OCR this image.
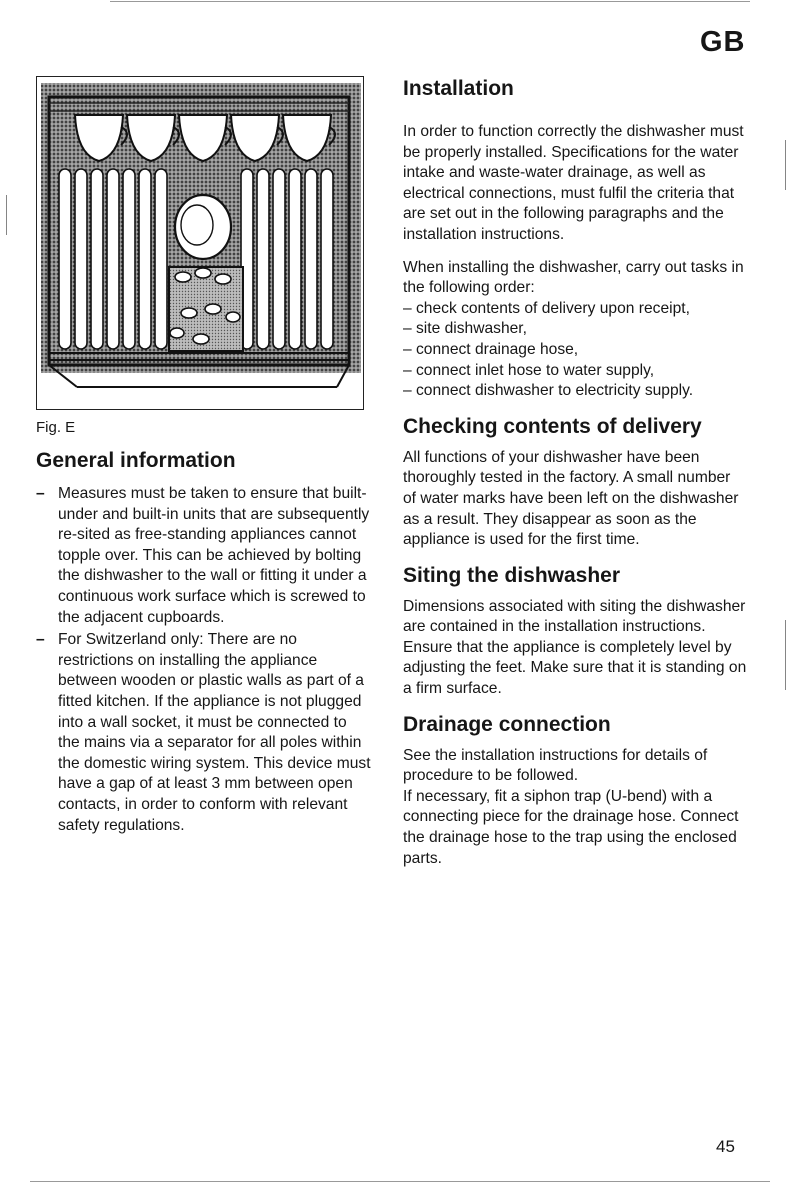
GB
Fig. E
General information
– Measures must be taken to ensure that built-under and built-in units that are subsequently re-sited as free-standing appliances cannot topple over. This can be achieved by bolting the dishwasher to the wall or fitting it under a continuous work surface which is screwed to the adjacent cupboards.
– For Switzerland only: There are no restrictions on installing the appliance between wooden or plastic walls as part of a fitted kitchen. If the appliance is not plugged into a wall socket, it must be connected to the mains via a separator for all poles within the domestic wiring system. This device must have a gap of at least 3 mm between open contacts, in order to conform with relevant safety regulations.
Installation

In order to function correctly the dishwasher must be properly installed. Specifications for the water intake and waste-water drainage, as well as electrical connections, must fulfil the criteria that are set out in the following paragraphs and the installation instructions.

When installing the dishwasher, carry out tasks in the following order:

– check contents of delivery upon receipt,

– site dishwasher,

– connect drainage hose,

– connect inlet hose to water supply,

– connect dishwasher to electricity supply.

Checking contents of delivery

All functions of your dishwasher have been thoroughly tested in the factory. A small number of water marks have been left on the dishwasher as a result. They disappear as soon as the appliance is used for the first time.

Siting the dishwasher

Dimensions associated with siting the dishwasher are contained in the installation instructions. Ensure that the appliance is completely level by adjusting the feet. Make sure that it is standing on a firm surface.

Drainage connection

See the installation instructions for details of procedure to be followed.

If necessary, fit a siphon trap (U-bend) with a connecting piece for the drainage hose. Connect the drainage hose to the trap using the enclosed parts.

45
